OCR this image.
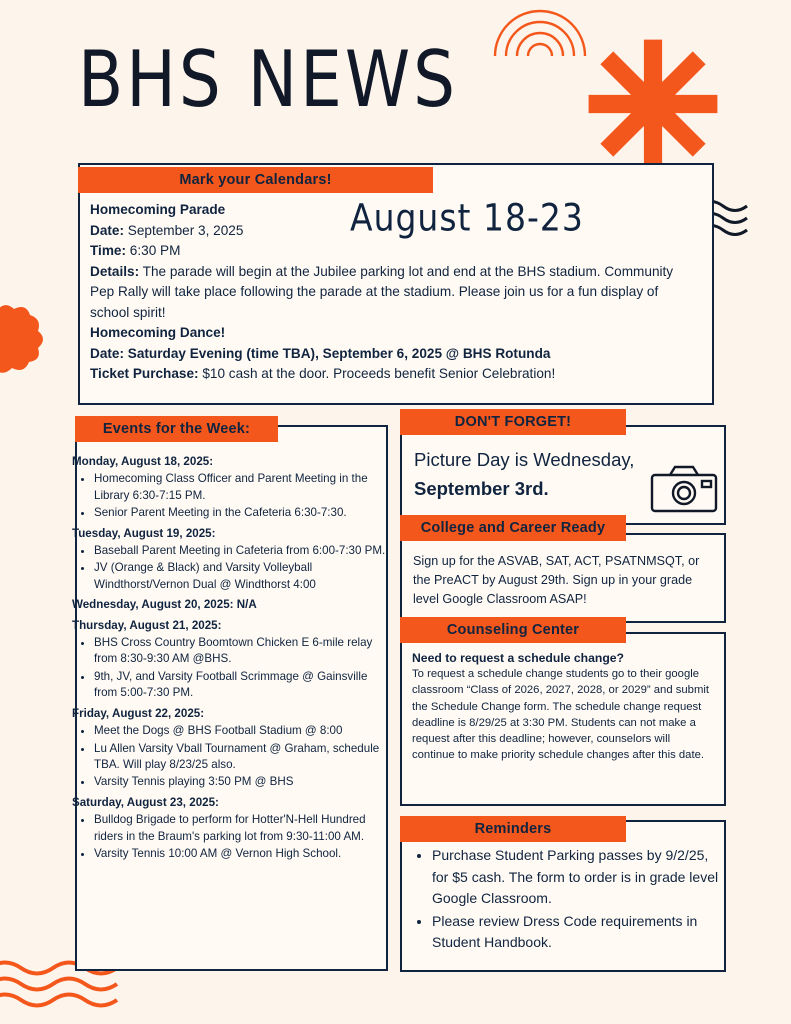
BHS NEWS
Mark your Calendars!
August 18-23
Homecoming Parade
Date: September 3, 2025
Time: 6:30 PM
Details: The parade will begin at the Jubilee parking lot and end at the BHS stadium. Community Pep Rally will take place following the parade at the stadium. Please join us for a fun display of school spirit!
Homecoming Dance!
Date: Saturday Evening (time TBA), September 6, 2025 @ BHS Rotunda
Ticket Purchase: $10 cash at the door. Proceeds benefit Senior Celebration!
Events for the Week:
Monday, August 18, 2025:
• Homecoming Class Officer and Parent Meeting in the Library 6:30-7:15 PM.
• Senior Parent Meeting in the Cafeteria 6:30-7:30.
Tuesday, August 19, 2025:
• Baseball Parent Meeting in Cafeteria from 6:00-7:30 PM.
• JV (Orange & Black) and Varsity Volleyball Windthorst/Vernon Dual @ Windthorst 4:00
Wednesday, August 20, 2025: N/A
Thursday, August 21, 2025:
• BHS Cross Country Boomtown Chicken E 6-mile relay from 8:30-9:30 AM @BHS.
• 9th, JV, and Varsity Football Scrimmage @ Gainsville from 5:00-7:30 PM.
Friday, August 22, 2025:
• Meet the Dogs @ BHS Football Stadium @ 8:00
• Lu Allen Varsity Vball Tournament @ Graham, schedule TBA. Will play 8/23/25 also.
• Varsity Tennis playing 3:50 PM @ BHS
Saturday, August 23, 2025:
• Bulldog Brigade to perform for Hotter'N-Hell Hundred riders in the Braum's parking lot from 9:30-11:00 AM.
• Varsity Tennis 10:00 AM @ Vernon High School.
DON'T FORGET!
Picture Day is Wednesday,
September 3rd.
College and Career Ready
Sign up for the ASVAB, SAT, ACT, PSATNMSQT, or the PreACT by August 29th. Sign up in your grade level Google Classroom ASAP!
Counseling Center
Need to request a schedule change?
To request a schedule change students go to their google classroom “Class of 2026, 2027, 2028, or 2029” and submit the Schedule Change form. The schedule change request deadline is 8/29/25 at 3:30 PM. Students can not make a request after this deadline; however, counselors will continue to make priority schedule changes after this date.
Reminders
• Purchase Student Parking passes by 9/2/25, for $5 cash. The form to order is in grade level Google Classroom.
• Please review Dress Code requirements in Student Handbook.
